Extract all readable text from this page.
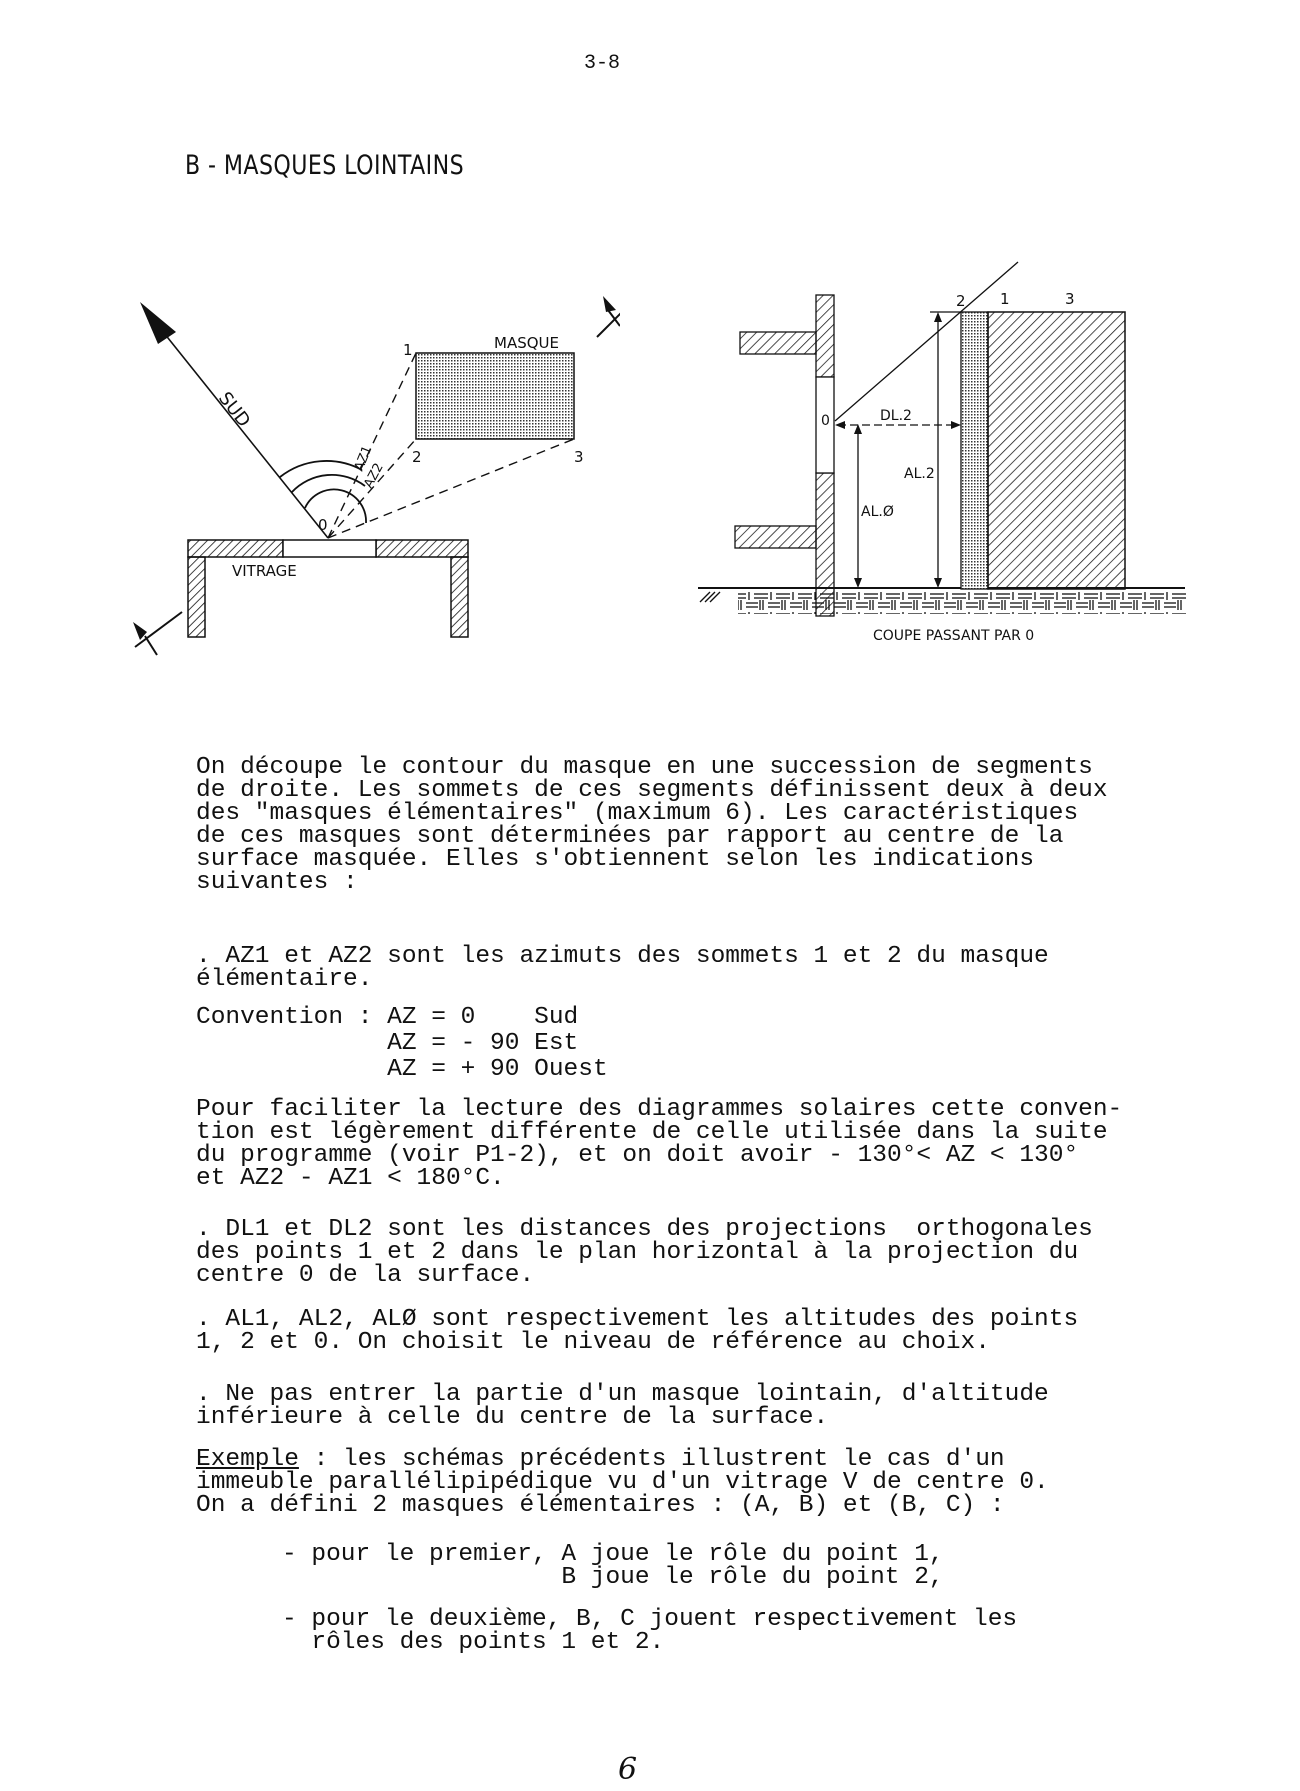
3-8
B - MASQUES LOINTAINS
VITRAGE
SUD
MASQUE
1
2	3
0
AZ1
AZ2
DL.2
AL.2
AL.Ø
2 1	3
0
COUPE PASSANT PAR 0
On découpe le contour du masque en une succession de segments
de droite. Les sommets de ces segments définissent deux à deux
des "masques élémentaires" (maximum 6). Les caractéristiques
de ces masques sont déterminées par rapport au centre de la
surface masquée. Elles s'obtiennent selon les indications
suivantes :
. AZ1 et AZ2 sont les azimuts des sommets 1 et 2 du masque
élémentaire.
Convention : AZ = 0    Sud
AZ = - 90 Est
AZ = + 90 Ouest
Pour faciliter la lecture des diagrammes solaires cette conven-
tion est légèrement différente de celle utilisée dans la suite
du programme (voir P1-2), et on doit avoir - 130°< AZ < 130°
et AZ2 - AZ1 < 180°C.
. DL1 et DL2 sont les distances des projections  orthogonales
des points 1 et 2 dans le plan horizontal à la projection du
centre 0 de la surface.
. AL1, AL2, ALØ sont respectivement les altitudes des points
1, 2 et 0. On choisit le niveau de référence au choix.
. Ne pas entrer la partie d'un masque lointain, d'altitude
inférieure à celle du centre de la surface.
Exemple : les schémas précédents illustrent le cas d'un
immeuble parallélipipédique vu d'un vitrage V de centre 0.
On a défini 2 masques élémentaires : (A, B) et (B, C) :
- pour le premier, A joue le rôle du point 1,
B joue le rôle du point 2,
- pour le deuxième, B, C jouent respectivement les
rôles des points 1 et 2.
6
